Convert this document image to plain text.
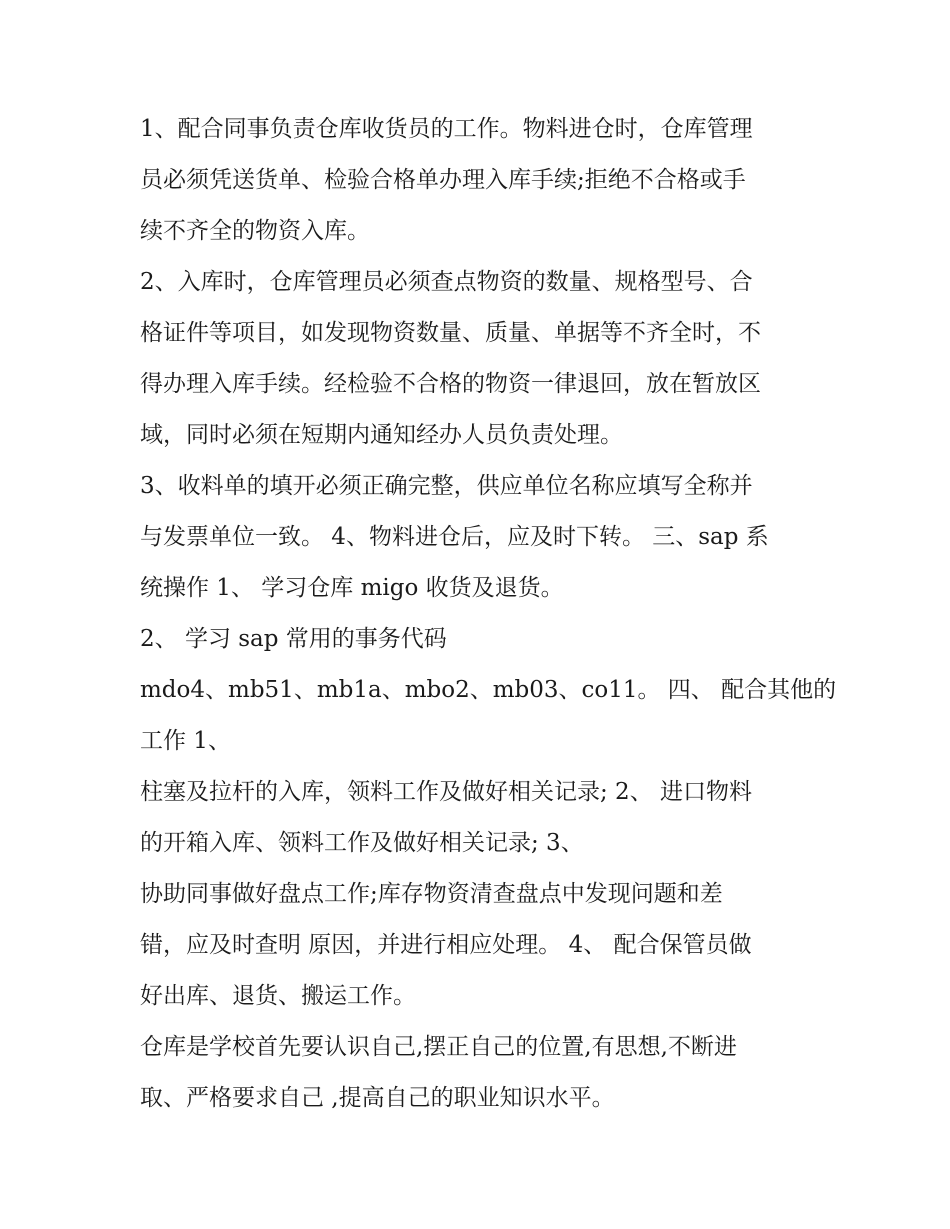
1、配合同事负责仓库收货员的工作。物料进仓时，仓库管理
员必须凭送货单、检验合格单办理入库手续;拒绝不合格或手
续不齐全的物资入库。
2、入库时，仓库管理员必须查点物资的数量、规格型号、合
格证件等项目，如发现物资数量、质量、单据等不齐全时，不
得办理入库手续。经检验不合格的物资一律退回，放在暂放区
域，同时必须在短期内通知经办人员负责处理。
3、收料单的填开必须正确完整，供应单位名称应填写全称并
与发票单位一致。 4、物料进仓后，应及时下转。 三、sap 系
统操作 1、 学习仓库 migo 收货及退货。
2、 学习 sap 常用的事务代码
mdo4、mb51、mb1a、mbo2、mb03、co11。 四、 配合其他的
工作 1、
柱塞及拉杆的入库，领料工作及做好相关记录; 2、 进口物料
的开箱入库、领料工作及做好相关记录; 3、
协助同事做好盘点工作;库存物资清查盘点中发现问题和差
错，应及时查明 原因，并进行相应处理。 4、 配合保管员做
好出库、退货、搬运工作。
仓库是学校首先要认识自己,摆正自己的位置,有思想,不断进
取、严格要求自己 ,提高自己的职业知识水平。
